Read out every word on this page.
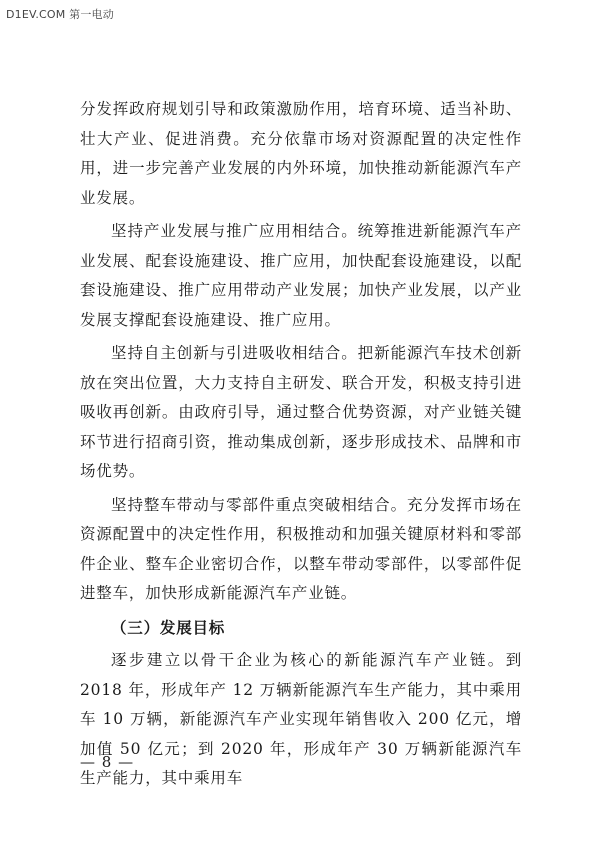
D1EV.COM 第一电动

分发挥政府规划引导和政策激励作用，培育环境、适当补助、壮大产业、促进消费。充分依靠市场对资源配置的决定性作用，进一步完善产业发展的内外环境，加快推动新能源汽车产业发展。

坚持产业发展与推广应用相结合。统筹推进新能源汽车产业发展、配套设施建设、推广应用，加快配套设施建设，以配套设施建设、推广应用带动产业发展；加快产业发展，以产业发展支撑配套设施建设、推广应用。

坚持自主创新与引进吸收相结合。把新能源汽车技术创新放在突出位置，大力支持自主研发、联合开发，积极支持引进吸收再创新。由政府引导，通过整合优势资源，对产业链关键环节进行招商引资，推动集成创新，逐步形成技术、品牌和市场优势。

坚持整车带动与零部件重点突破相结合。充分发挥市场在资源配置中的决定性作用，积极推动和加强关键原材料和零部件企业、整车企业密切合作，以整车带动零部件，以零部件促进整车，加快形成新能源汽车产业链。

（三）发展目标

逐步建立以骨干企业为核心的新能源汽车产业链。到 2018 年，形成年产 12 万辆新能源汽车生产能力，其中乘用车 10 万辆，新能源汽车产业实现年销售收入 200 亿元，增加值 50 亿元；到 2020 年，形成年产 30 万辆新能源汽车生产能力，其中乘用车

— 8 —
